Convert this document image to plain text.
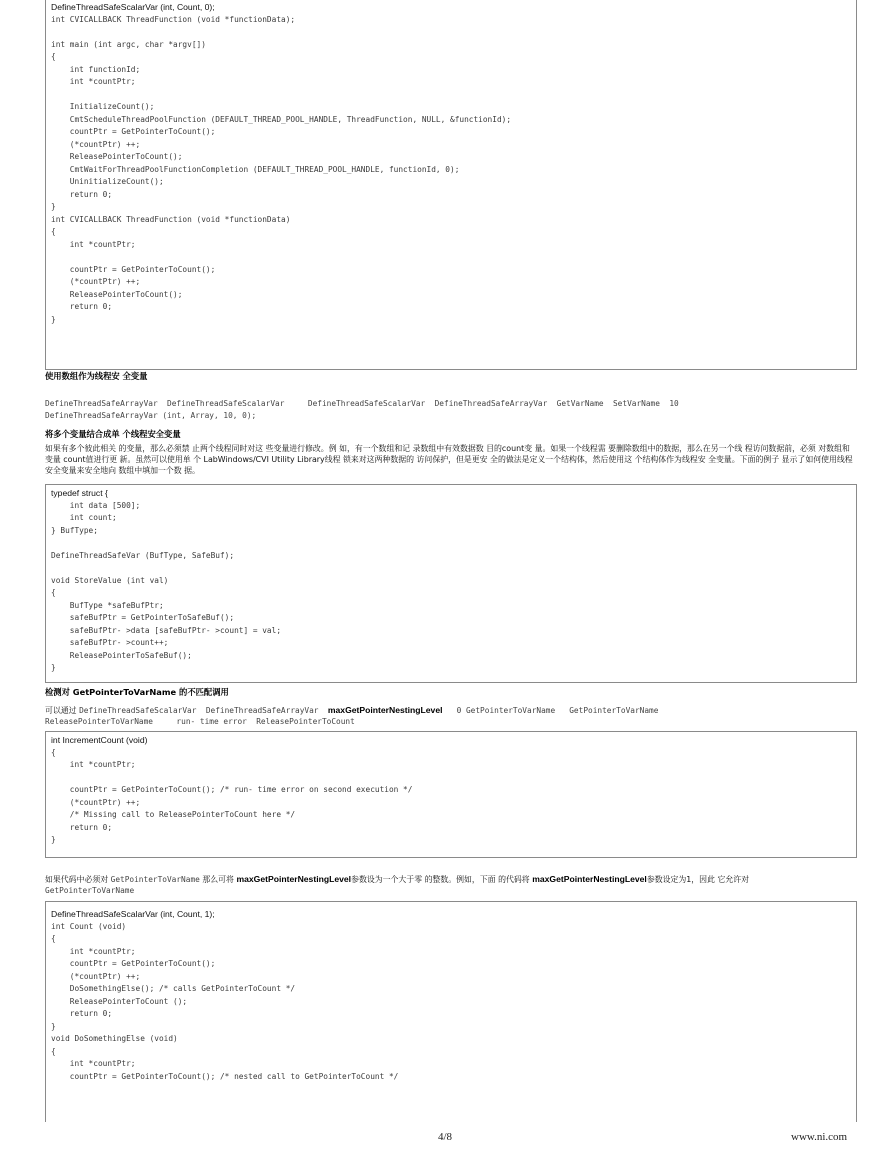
DefineThreadSafeScalarVar (int, Count, 0);
int CVICALLBACK ThreadFunction (void *functionData);
int main (int argc, char *argv[])
{
int functionId;
int *countPtr;
InitializeCount();
CmtScheduleThreadPoolFunction (DEFAULT_THREAD_POOL_HANDLE, ThreadFunction, NULL, &functionId);
countPtr = GetPointerToCount();
(*countPtr) ++;
ReleasePointerToCount();
CmtWaitForThreadPoolFunctionCompletion (DEFAULT_THREAD_POOL_HANDLE, functionId, 0);
UninitializeCount();
return 0;
}
int CVICALLBACK ThreadFunction (void *functionData)
{
int *countPtr;
countPtr = GetPointerToCount();
(*countPtr) ++;
ReleasePointerToCount();
return 0;
}
使用数组作为线程安 全变量
DefineThreadSafeArrayVar  DefineThreadSafeScalarVar     DefineThreadSafeScalarVar  DefineThreadSafeArrayVar  GetVarName  SetVarName  10
DefineThreadSafeArrayVar (int, Array, 10, 0);
将多个变量结合成单 个线程安全变量
如果有多个彼此相关 的变量，那么必须禁 止两个线程同时对这 些变量进行修改。例 如，有一个数组和记 录数组中有效数据数 目的count变 量。如果一个线程需 要删除数组中的数据，那么在另一个线 程访问数据前，必须 对数组和变量 count值进行更 新。虽然可以使用单 个 LabWindows/CVI Utility Library线程 锁来对这两种数据的 访问保护，但是更安 全的做法是定义一个结构体，然后使用这 个结构体作为线程安 全变量。下面的例子 显示了如何使用线程 安全变量来安全地向 数组中填加一个数 据。
typedef struct {
int data [500];
int count;
} BufType;
DefineThreadSafeVar (BufType, SafeBuf);
void StoreValue (int val)
{
BufType *safeBufPtr;
safeBufPtr = GetPointerToSafeBuf();
safeBufPtr- >data [safeBufPtr- >count] = val;
safeBufPtr- >count++;
ReleasePointerToSafeBuf();
}
检测对 GetPointerToVarName 的不匹配调用
可以通过 DefineThreadSafeScalarVar  DefineThreadSafeArrayVar  maxGetPointerNestingLevel   0 GetPointerToVarName   GetPointerToVarName
ReleasePointerToVarName     run- time error  ReleasePointerToCount
int IncrementCount (void)
{
int *countPtr;
countPtr = GetPointerToCount(); /* run- time error on second execution */
(*countPtr) ++;
/* Missing call to ReleasePointerToCount here */
return 0;
}
如果代码中必须对 GetPointerToVarName 那么可将 maxGetPointerNestingLevel参数设为一个大于零 的整数。例如，下面 的代码将 maxGetPointerNestingLevel参数设定为1，因此 它允许对
GetPointerToVarName
DefineThreadSafeScalarVar (int, Count, 1);
int Count (void)
{
int *countPtr;
countPtr = GetPointerToCount();
(*countPtr) ++;
DoSomethingElse(); /* calls GetPointerToCount */
ReleasePointerToCount ();
return 0;
}
void DoSomethingElse (void)
{
int *countPtr;
countPtr = GetPointerToCount(); /* nested call to GetPointerToCount */
4/8	www.ni.com
